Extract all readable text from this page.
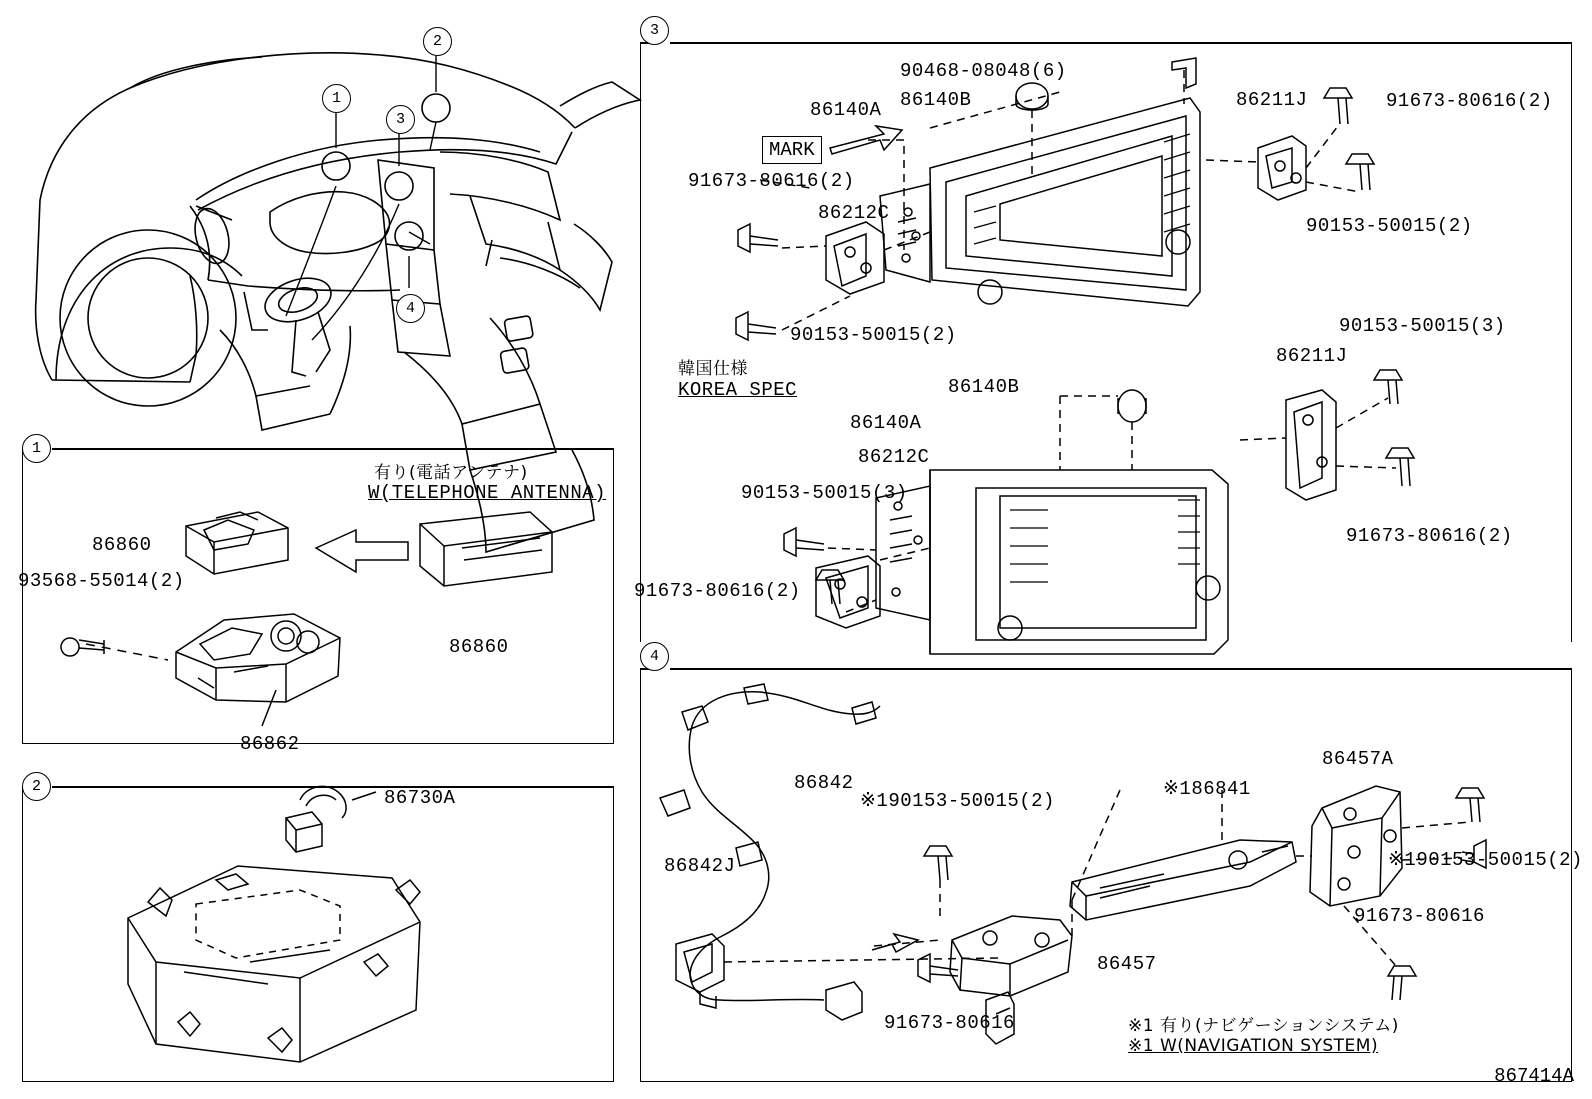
1
2
3
4
1
2
3
4
有り(電話アンテナ)
W(TELEPHONE ANTENNA)
86860
93568-55014(2)
86860
86862
86730A
90468-08048(6)
86140A 86140B
MARK
91673-80616(2)
86212C
86211J	91673-80616(2)
90153-50015(2)
90153-50015(2)
韓国仕様
KOREA SPEC	86140B
86140A
86212C
90153-50015(3)
90153-50015(3)
86211J
91673-80616(2)
91673-80616(2)
86842
※190153-50015(2)
※186841
86457A
※190153-50015(2)
86842J
91673-80616
86457
91673-80616	※1 有り(ナビゲーションシステム)
※1 W(NAVIGATION SYSTEM)
867414A
